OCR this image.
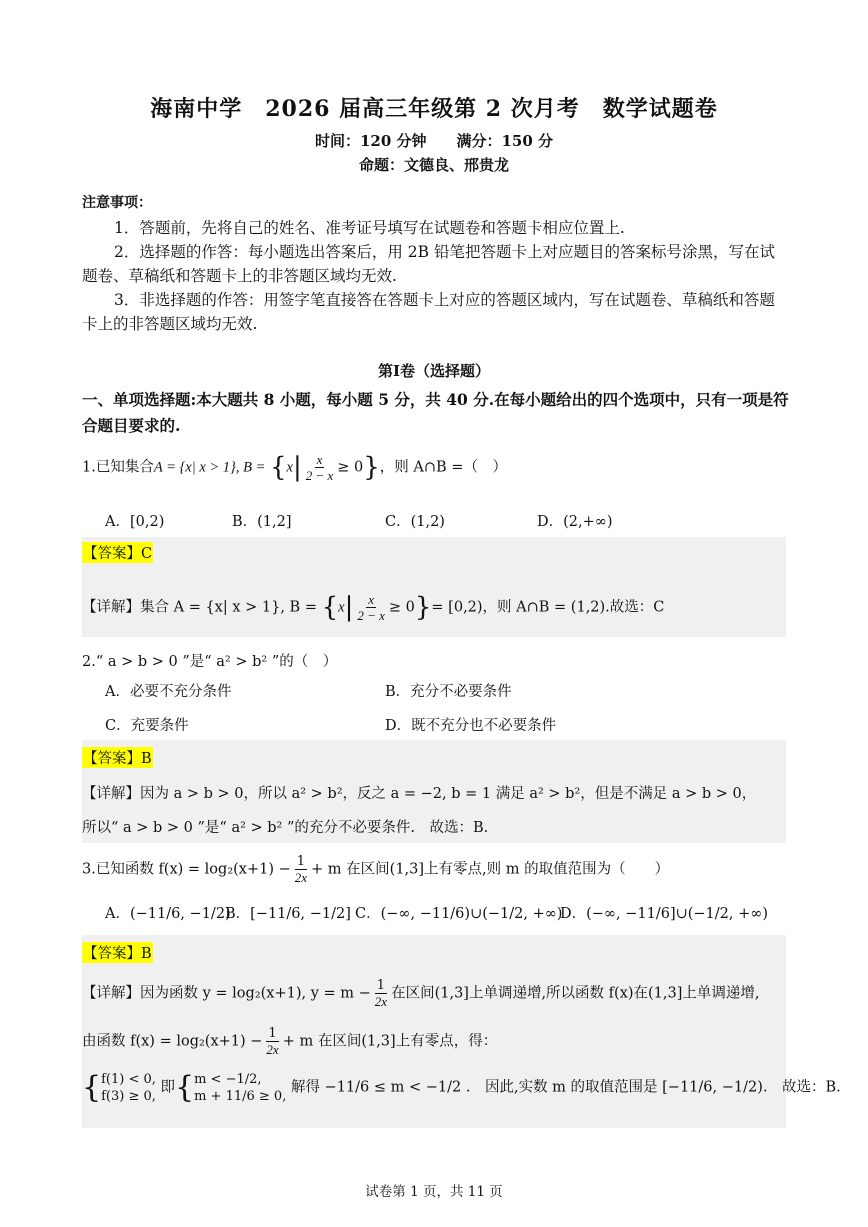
海南中学　2026 届高三年级第 2 次月考　数学试题卷
时间：120 分钟　　满分：150 分
命题：文德良、邢贵龙
注意事项：
1．答题前，先将自己的姓名、准考证号填写在试题卷和答题卡相应位置上.
2．选择题的作答：每小题选出答案后，用 2B 铅笔把答题卡上对应题目的答案标号涂黑，写在试题卷、草稿纸和答题卡上的非答题区域均无效.
3．非选择题的作答：用签字笔直接答在答题卡上对应的答题区域内，写在试题卷、草稿纸和答题卡上的非答题区域均无效.
第Ⅰ卷（选择题）
一、单项选择题:本大题共 8 小题，每小题 5 分，共 40 分.在每小题给出的四个选项中，只有一项是符合题目要求的.
1.已知集合A = {x| x > 1}, $B = \{x| \frac{x}{2 - x} \ge 0\}$，则 A∩B =（　）
A．[0,2)	B．(1,2]	C．(1,2)	D．(2,+∞)
【答案】C
【详解】集合 A = {x| x > 1}, $B = \{x| \frac{x}{2 - x} \ge 0\}= [0,2)$，则 A∩B = (1,2).故选：C
2.“ a > b > 0 ”是“ a² > b² ”的（　）
A．必要不充分条件	B．充分不必要条件
C．充要条件	D．既不充分也不必要条件
【答案】B
【详解】因为 a > b > 0，所以 a² > b²，反之 a = −2, b = 1 满足 a² > b²，但是不满足 a > b > 0，
所以“ a > b > 0 ”是“ a² > b² ”的充分不必要条件.　故选：B.
3.已知函数 $f(x) = \log_2(x+1) - \frac{1}{2x} + m$ 在区间(1,3]上有零点,则 m 的取值范围为（　　）
A．(−11/6, −1/2)
B．[−11/6, −1/2] C．(−∞, −11/6)∪(−1/2, +∞)
D．(−∞, −11/6]∪(−1/2, +∞)
【答案】B
【详解】因为函数 y = log₂(x+1), $y = m - \frac{1}{2x}$ 在区间(1,3]上单调递增,所以函数 f(x)在(1,3]上单调递增,
由函数 $f(x) = \log_2(x+1) - \frac{1}{2x} + m$ 在区间(1,3]上有零点，得：
{ f(1) < 0,
f(3) ≥ 0,
即{ m < −1/2,
m + 11/6 ≥ 0,
解得 −11/6 ≤ m < −1/2 .　因此,实数 m 的取值范围是 [−11/6, −1/2).　故选：B.
试卷第 1 页，共 11 页
